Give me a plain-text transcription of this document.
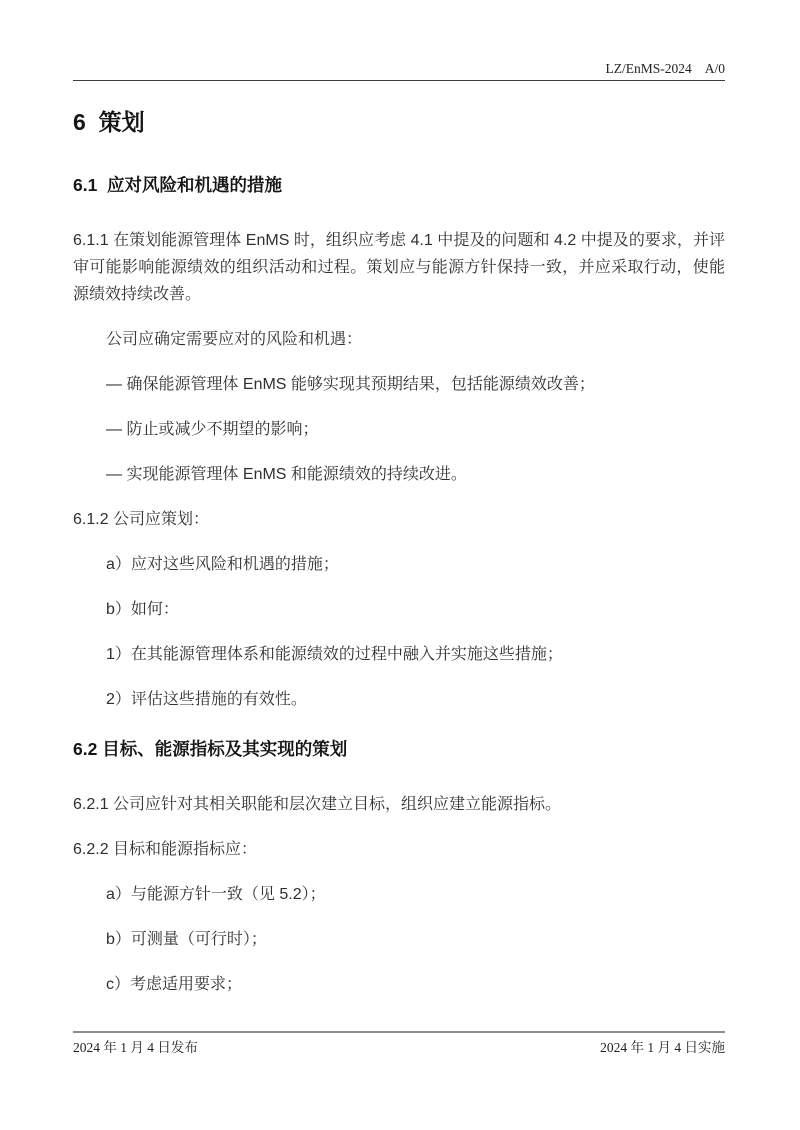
LZ/EnMS-2024 A/0
6  策划
6.1  应对风险和机遇的措施
6.1.1 在策划能源管理体 EnMS 时，组织应考虑 4.1 中提及的问题和 4.2 中提及的要求，并评审可能影响能源绩效的组织活动和过程。策划应与能源方针保持一致，并应采取行动，使能源绩效持续改善。
公司应确定需要应对的风险和机遇：
— 确保能源管理体 EnMS 能够实现其预期结果，包括能源绩效改善；
— 防止或减少不期望的影响；
— 实现能源管理体 EnMS 和能源绩效的持续改进。
6.1.2 公司应策划：
a）应对这些风险和机遇的措施；
b）如何：
1）在其能源管理体系和能源绩效的过程中融入并实施这些措施；
2）评估这些措施的有效性。
6.2 目标、能源指标及其实现的策划
6.2.1 公司应针对其相关职能和层次建立目标，组织应建立能源指标。
6.2.2 目标和能源指标应：
a）与能源方针一致（见 5.2）；
b）可测量（可行时）；
c）考虑适用要求；
2024 年 1 月 4 日发布	2024 年 1 月 4 日实施
